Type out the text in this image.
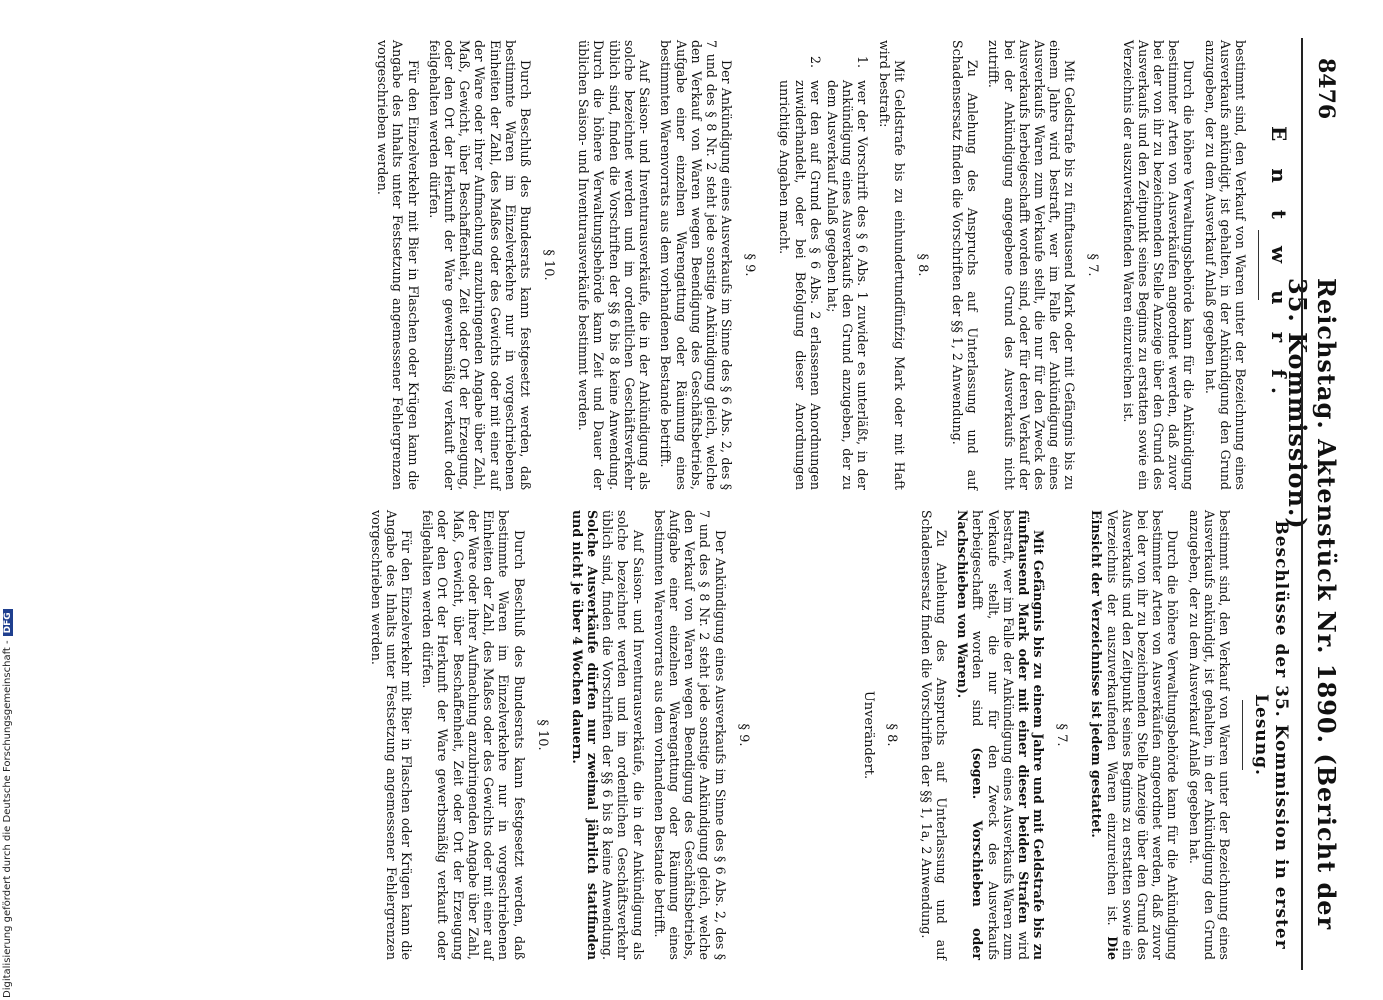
8476
Reichstag. Aktenstück Nr. 1890. (Bericht der 35. Kommission.)
E n t w u r f.

bestimmt sind, den Verkauf von Waren unter der Bezeichnung eines Ausverkaufs ankündigt, ist gehalten, in der Ankündigung den Grund anzugeben, der zu dem Ausverkauf Anlaß gegeben hat.

Durch die höhere Verwaltungsbehörde kann für die Ankündigung bestimmter Arten von Ausverkäufen angeordnet werden, daß zuvor bei der von ihr zu bezeichnenden Stelle Anzeige über den Grund des Ausverkaufs und den Zeitpunkt seines Beginns zu erstatten sowie ein Verzeichnis der auszuverkaufenden Waren einzureichen ist.

§ 7.

Mit Geldstrafe bis zu fünftausend Mark oder mit Gefängnis bis zu einem Jahre wird bestraft, wer im Falle der Ankündigung eines Ausverkaufs Waren zum Verkaufe stellt, die nur für den Zweck des Ausverkaufs herbeigeschafft worden sind, oder für deren Verkauf der bei der Ankündigung angegebene Grund des Ausverkaufs nicht zutrifft.

Zu Anlehung des Anspruchs auf Unterlassung und auf Schadensersatz finden die Vorschriften der §§ 1, 2 Anwendung.

§ 8.

Mit Geldstrafe bis zu einhundertundfünfzig Mark oder mit Haft wird bestraft:

1.
wer der Vorschrift des § 6 Abs. 1 zuwider es unterläßt, in der Ankündigung eines Ausverkaufs den Grund anzugeben, der zu dem Ausverkauf Anlaß gegeben hat;
2.
wer den auf Grund des § 6 Abs. 2 erlassenen Anordnungen zuwiderhandelt, oder bei Befolgung dieser Anordnungen unrichtige Angaben macht.
§ 9.

Der Ankündigung eines Ausverkaufs im Sinne des § 6 Abs. 2, des § 7 und des § 8 Nr. 2 steht jede sonstige Ankündigung gleich, welche den Verkauf von Waren wegen Beendigung des Geschäftsbetriebs, Aufgabe einer einzelnen Warengattung oder Räumung eines bestimmten Warenvorrats aus dem vorhandenen Bestande betrifft.

Auf Saison- und Inventurausverkäufe, die in der Ankündigung als solche bezeichnet werden und im ordentlichen Geschäftsverkehr üblich sind, finden die Vorschriften der §§ 6 bis 8 keine Anwendung. Durch die höhere Verwaltungsbehörde kann Zeit und Dauer der üblichen Saison- und Inventurausverkäufe bestimmt werden.

§ 10.

Durch Beschluß des Bundesrats kann festgesetzt werden, daß bestimmte Waren im Einzelverkehre nur in vorgeschriebenen Einheiten der Zahl, des Maßes oder des Gewichts oder mit einer auf der Ware oder ihrer Aufmachung anzubringenden Angabe über Zahl, Maß, Gewicht, über Beschaffenheit, Zeit oder Ort der Erzeugung, oder den Ort der Herkunft der Ware gewerbsmäßig verkauft oder feilgehalten werden dürfen.

Für den Einzelverkehr mit Bier in Flaschen oder Krügen kann die Angabe des Inhalts unter Festsetzung angemessener Fehlergrenzen vorgeschrieben werden.

Beschlüsse der 35. Kommission in erster Lesung.

bestimmt sind, den Verkauf von Waren unter der Bezeichnung eines Ausverkaufs ankündigt, ist gehalten, in der Ankündigung den Grund anzugeben, der zu dem Ausverkauf Anlaß gegeben hat.

Durch die höhere Verwaltungsbehörde kann für die Ankündigung bestimmter Arten von Ausverkäufen angeordnet werden, daß zuvor bei der von ihr zu bezeichnenden Stelle Anzeige über den Grund des Ausverkaufs und den Zeitpunkt seines Beginns zu erstatten sowie ein Verzeichnis der auszuverkaufenden Waren einzureichen ist. Die Einsicht der Verzeichnisse ist jedem gestattet.

§ 7.

Mit Gefängnis bis zu einem Jahre und mit Geldstrafe bis zu fünftausend Mark oder mit einer dieser beiden Strafen wird bestraft, wer im Falle der Ankündigung eines Ausverkaufs Waren zum Verkaufe stellt, die nur für den Zweck des Ausverkaufs herbeigeschafft worden sind (sogen. Vorschieben oder Nachschieben von Waren).

Zu Anlehung des Anspruchs auf Unterlassung und auf Schadensersatz finden die Vorschriften der §§ 1, 1a, 2 Anwendung.

§ 8.
Unverändert.
§ 9.

Der Ankündigung eines Ausverkaufs im Sinne des § 6 Abs. 2, des § 7 und des § 8 Nr. 2 steht jede sonstige Ankündigung gleich, welche den Verkauf von Waren wegen Beendigung des Geschäftsbetriebs, Aufgabe einer einzelnen Warengattung oder Räumung eines bestimmten Warenvorrats aus dem vorhandenen Bestande betrifft.

Auf Saison- und Inventurausverkäufe, die in der Ankündigung als solche bezeichnet werden und im ordentlichen Geschäftsverkehr üblich sind, finden die Vorschriften der §§ 6 bis 8 keine Anwendung. Solche Ausverkäufe dürfen nur zweimal jährlich stattfinden und nicht je über 4 Wochen dauern.

§ 10.

Durch Beschluß des Bundesrats kann festgesetzt werden, daß bestimmte Waren im Einzelverkehre nur in vorgeschriebenen Einheiten der Zahl, des Maßes oder des Gewichts oder mit einer auf der Ware oder ihrer Aufmachung anzubringenden Angabe über Zahl, Maß, Gewicht, über Beschaffenheit, Zeit oder Ort der Erzeugung oder den Ort der Herkunft der Ware gewerbsmäßig verkauft oder feilgehalten werden dürfen.

Für den Einzelverkehr mit Bier in Flaschen oder Krügen kann die Angabe des Inhalts unter Festsetzung angemessener Fehlergrenzen vorgeschrieben werden.

Digitalisierung gefördert durch die Deutsche Forschungsgemeinschaft -DFG
